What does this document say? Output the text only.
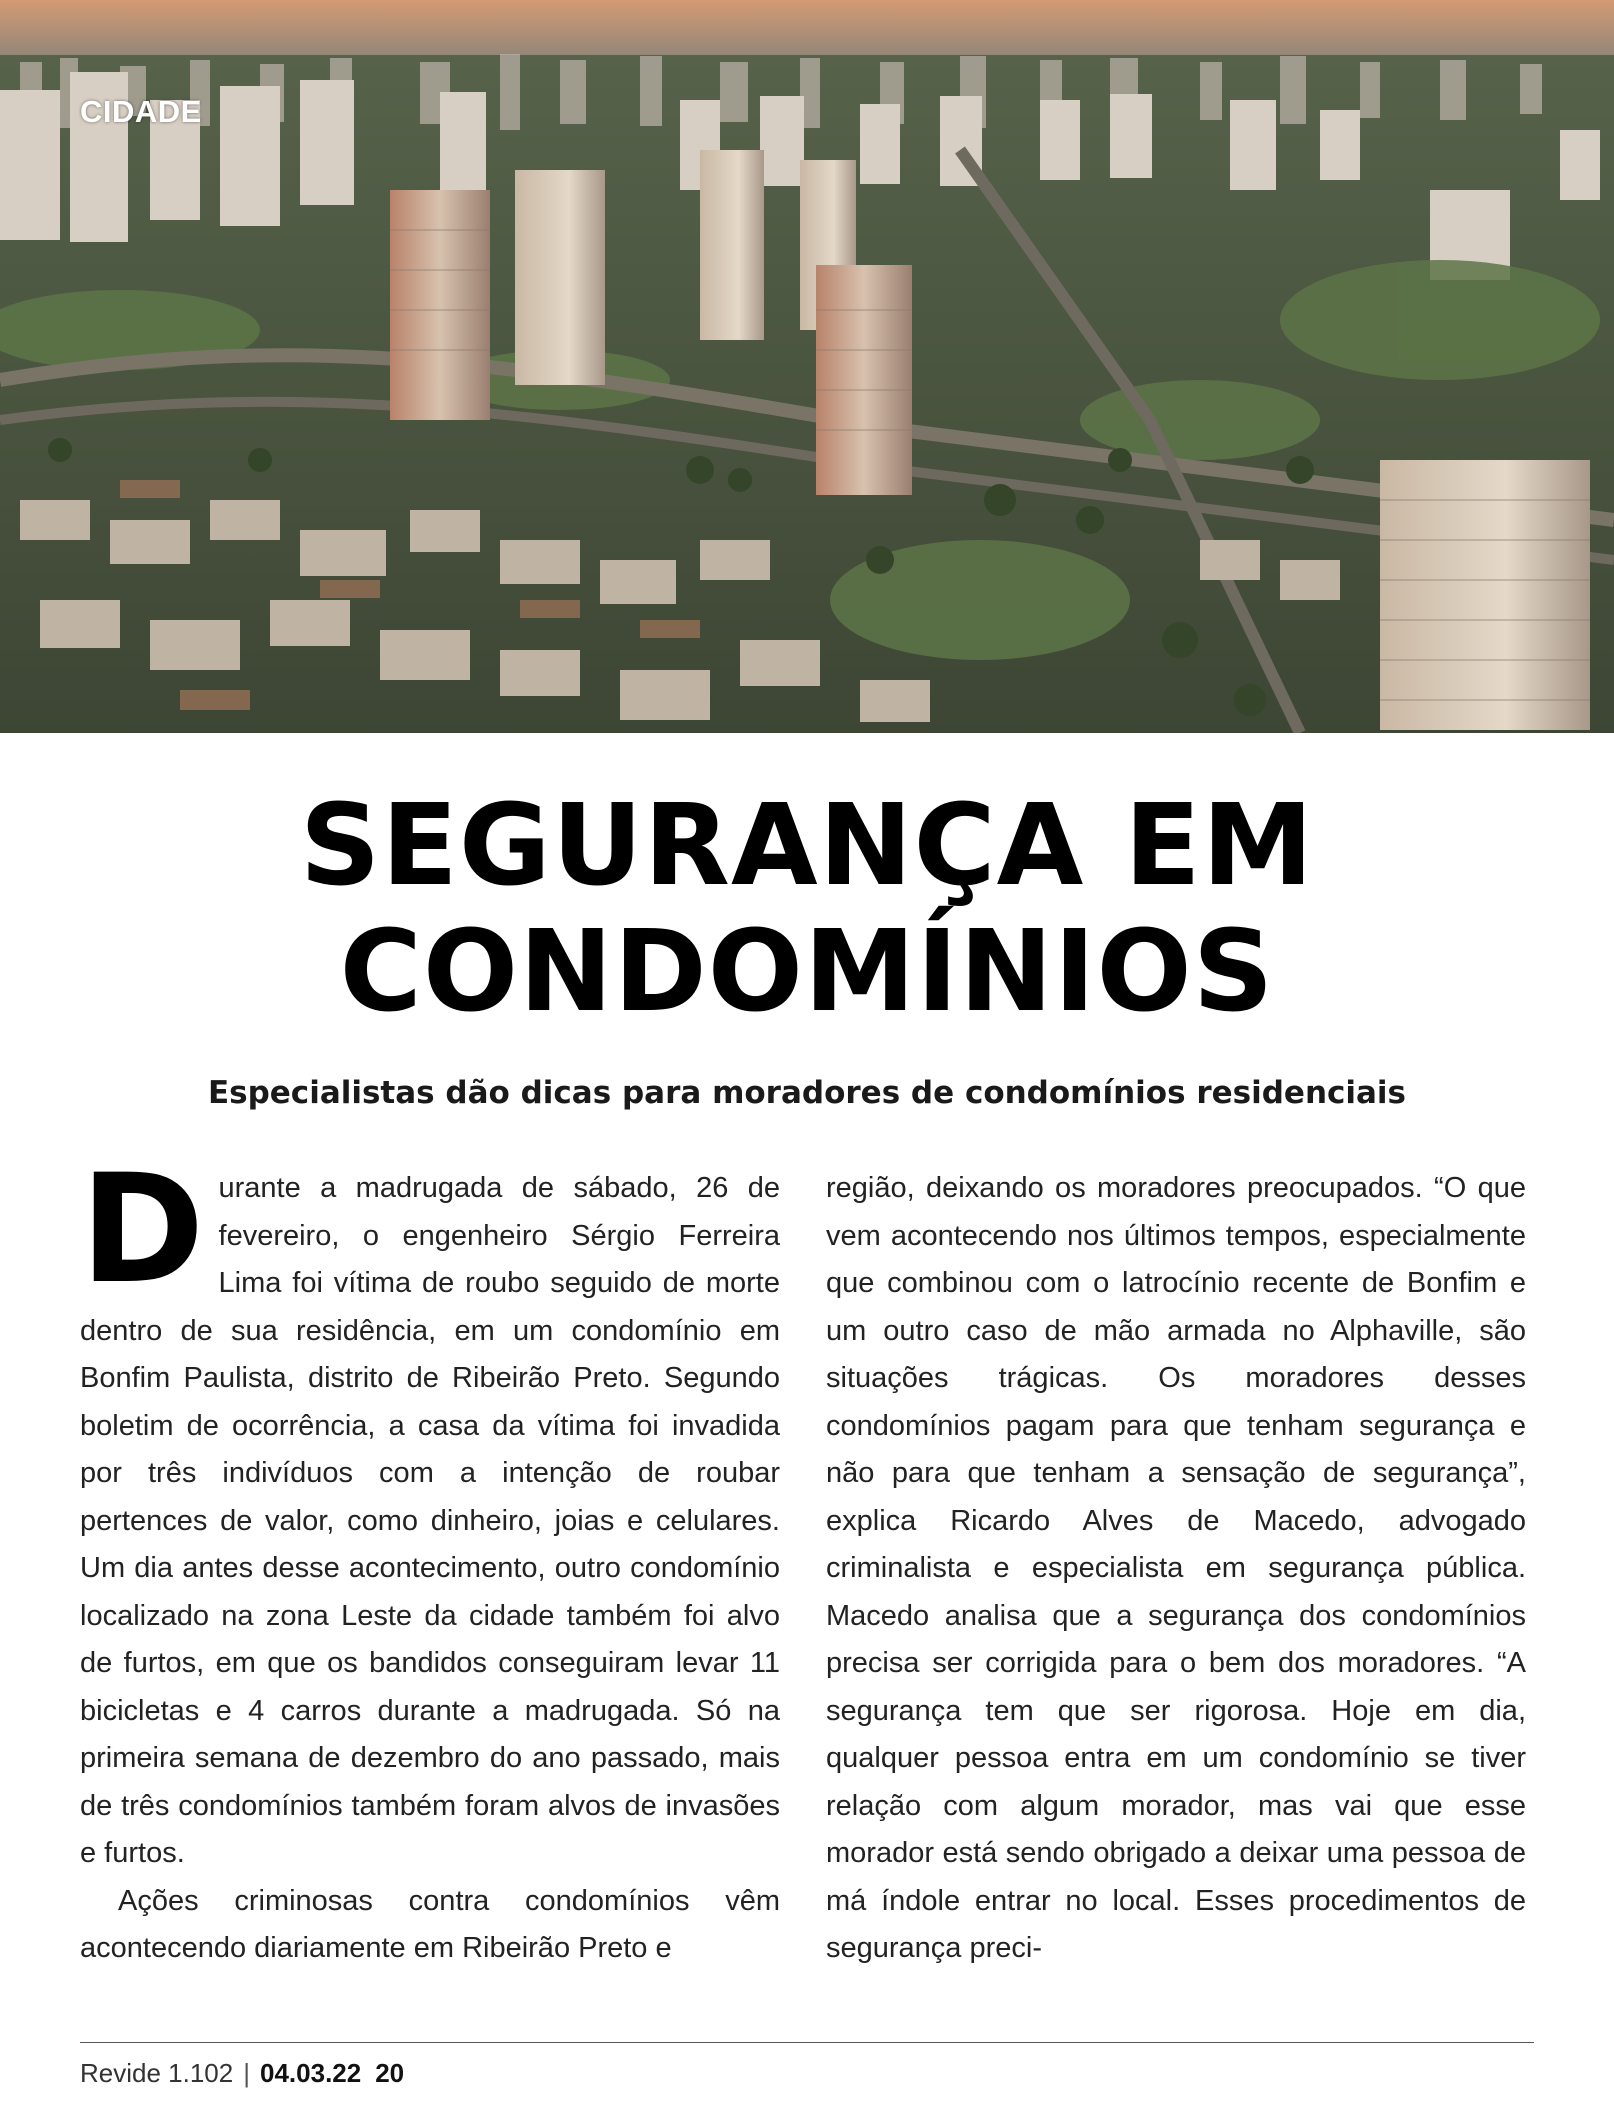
CIDADE
SEGURANÇA EM
CONDOMÍNIOS
Especialistas dão dicas para moradores de condomínios residenciais

Durante a madrugada de sábado, 26 de fevereiro, o engenheiro Sérgio Ferreira Lima foi vítima de roubo seguido de morte dentro de sua residência, em um condomínio em Bonfim Paulista, distrito de Ribeirão Preto. Segundo boletim de ocorrência, a casa da vítima foi invadida por três indivíduos com a intenção de roubar pertences de valor, como dinheiro, joias e celulares. Um dia antes desse acontecimento, outro condomínio localizado na zona Leste da cidade também foi alvo de furtos, em que os bandidos conseguiram levar 11 bicicletas e 4 carros durante a madrugada. Só na primeira semana de dezembro do ano passado, mais de três condomínios também foram alvos de invasões e furtos.

Ações criminosas contra condomínios vêm acontecendo diariamente em Ribeirão Preto e

região, deixando os moradores preocupados. “O que vem acontecendo nos últimos tempos, especialmente que combinou com o latrocínio recente de Bonfim e um outro caso de mão armada no Alphaville, são situações trágicas. Os moradores desses condomínios pagam para que tenham segurança e não para que tenham a sensação de segurança”, explica Ricardo Alves de Macedo, advogado criminalista e especialista em segurança pública. Macedo analisa que a segurança dos condomínios precisa ser corrigida para o bem dos moradores. “A segurança tem que ser rigorosa. Hoje em dia, qualquer pessoa entra em um condomínio se tiver relação com algum morador, mas vai que esse morador está sendo obrigado a deixar uma pessoa de má índole entrar no local. Esses procedimentos de segurança preci-

Revide 1.102 | 04.03.22 20
